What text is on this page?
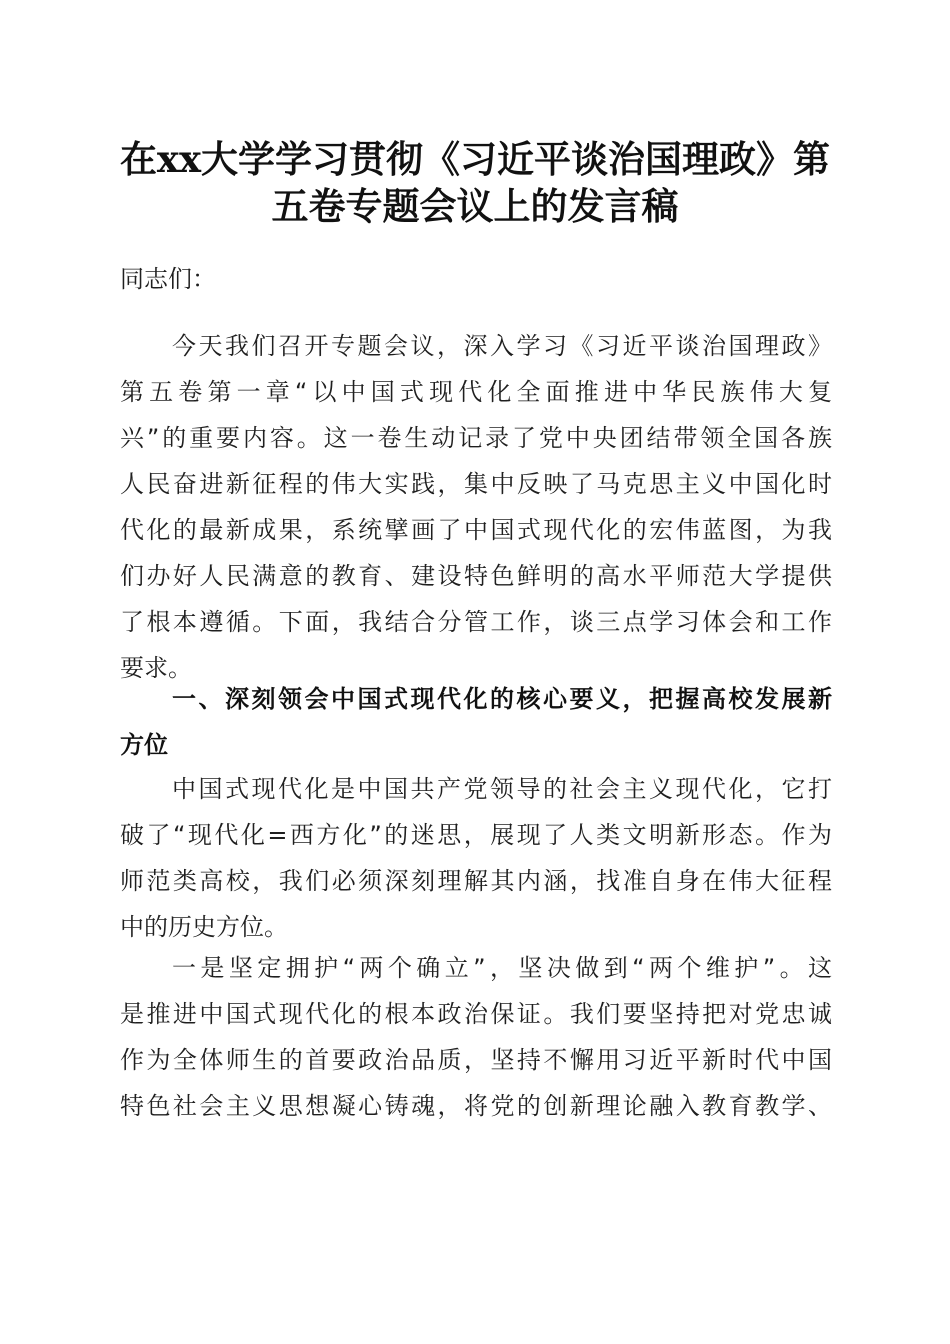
在xx大学学习贯彻《习近平谈治国理政》第
五卷专题会议上的发言稿
同志们：
今天我们召开专题会议，深入学习《习近平谈治国理政》
第五卷第一章“以中国式现代化全面推进中华民族伟大复
兴”的重要内容。这一卷生动记录了党中央团结带领全国各族
人民奋进新征程的伟大实践，集中反映了马克思主义中国化时
代化的最新成果，系统擘画了中国式现代化的宏伟蓝图，为我
们办好人民满意的教育、建设特色鲜明的高水平师范大学提供
了根本遵循。下面，我结合分管工作，谈三点学习体会和工作
要求。
一、深刻领会中国式现代化的核心要义，把握高校发展新
方位
中国式现代化是中国共产党领导的社会主义现代化，它打
破了“现代化=西方化”的迷思，展现了人类文明新形态。作为
师范类高校，我们必须深刻理解其内涵，找准自身在伟大征程
中的历史方位。
一是坚定拥护“两个确立”，坚决做到“两个维护”。这
是推进中国式现代化的根本政治保证。我们要坚持把对党忠诚
作为全体师生的首要政治品质，坚持不懈用习近平新时代中国
特色社会主义思想凝心铸魂，将党的创新理论融入教育教学、
